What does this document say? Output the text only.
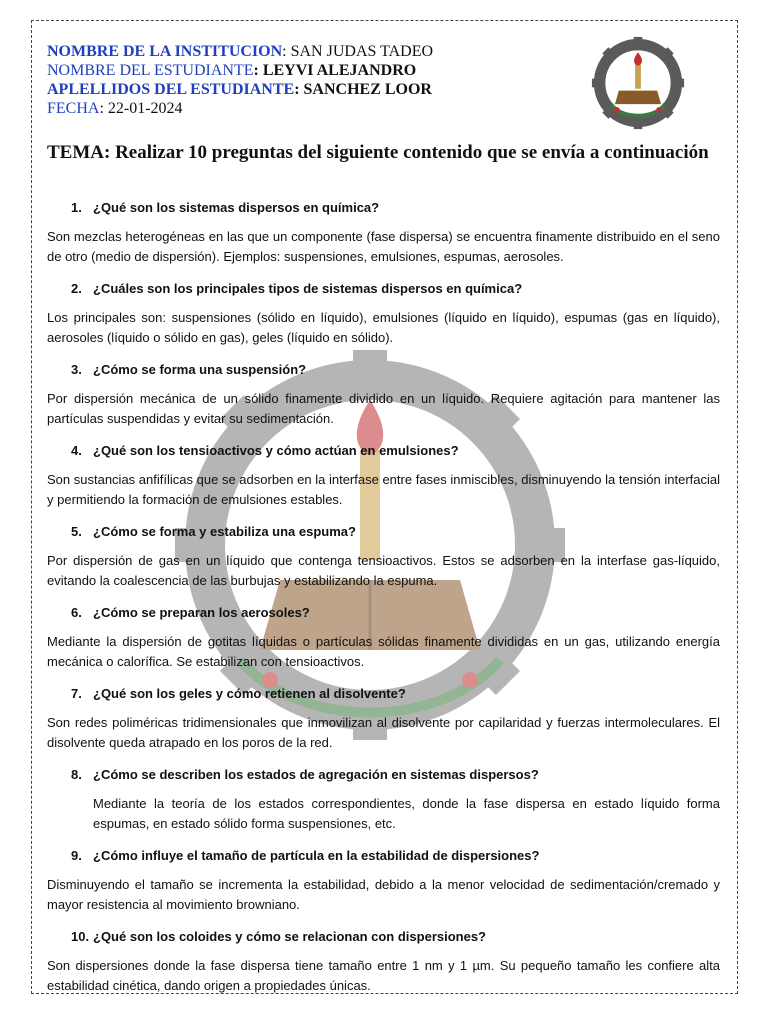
NOMBRE DE LA INSTITUCION: SAN JUDAS TADEO
NOMBRE DEL ESTUDIANTE: LEYVI ALEJANDRO
APLELLIDOS DEL ESTUDIANTE: SANCHEZ LOOR
FECHA: 22-01-2024
TEMA: Realizar 10 preguntas del siguiente contenido que se envía a continuación
1. ¿Qué son los sistemas dispersos en química?
Son mezclas heterogéneas en las que un componente (fase dispersa) se encuentra finamente distribuido en el seno de otro (medio de dispersión). Ejemplos: suspensiones, emulsiones, espumas, aerosoles.
2. ¿Cuáles son los principales tipos de sistemas dispersos en química?
Los principales son: suspensiones (sólido en líquido), emulsiones (líquido en líquido), espumas (gas en líquido), aerosoles (líquido o sólido en gas), geles (líquido en sólido).
3. ¿Cómo se forma una suspensión?
Por dispersión mecánica de un sólido finamente dividido en un líquido. Requiere agitación para mantener las partículas suspendidas y evitar su sedimentación.
4. ¿Qué son los tensioactivos y cómo actúan en emulsiones?
Son sustancias anfifílicas que se adsorben en la interfase entre fases inmiscibles, disminuyendo la tensión interfacial y permitiendo la formación de emulsiones estables.
5. ¿Cómo se forma y estabiliza una espuma?
Por dispersión de gas en un líquido que contenga tensioactivos. Estos se adsorben en la interfase gas-líquido, evitando la coalescencia de las burbujas y estabilizando la espuma.
6. ¿Cómo se preparan los aerosoles?
Mediante la dispersión de gotitas líquidas o partículas sólidas finamente divididas en un gas, utilizando energía mecánica o calorífica. Se estabilizan con tensioactivos.
7. ¿Qué son los geles y cómo retienen al disolvente?
Son redes poliméricas tridimensionales que inmovilizan al disolvente por capilaridad y fuerzas intermoleculares. El disolvente queda atrapado en los poros de la red.
8. ¿Cómo se describen los estados de agregación en sistemas dispersos?
Mediante la teoría de los estados correspondientes, donde la fase dispersa en estado líquido forma espumas, en estado sólido forma suspensiones, etc.
9. ¿Cómo influye el tamaño de partícula en la estabilidad de dispersiones?
Disminuyendo el tamaño se incrementa la estabilidad, debido a la menor velocidad de sedimentación/cremado y mayor resistencia al movimiento browniano.
10. ¿Qué son los coloides y cómo se relacionan con dispersiones?
Son dispersiones donde la fase dispersa tiene tamaño entre 1 nm y 1 µm. Su pequeño tamaño les confiere alta estabilidad cinética, dando origen a propiedades únicas.
